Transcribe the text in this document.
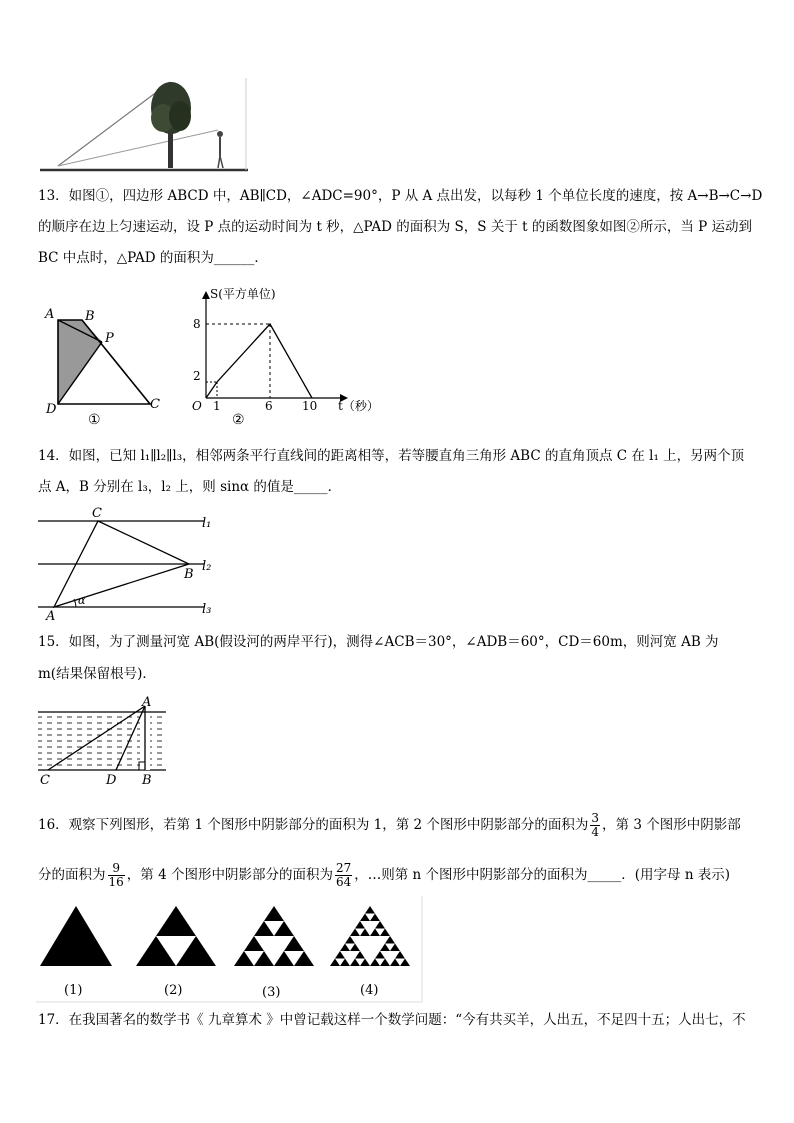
13．如图①，四边形 ABCD 中，AB∥CD，∠ADC=90°，P 从 A 点出发，以每秒 1 个单位长度的速度，按 A→B→C→D
的顺序在边上匀速运动，设 P 点的运动时间为 t 秒，△PAD 的面积为 S，S 关于 t 的函数图象如图②所示，当 P 运动到
BC 中点时，△PAD 的面积为______．
A B
P
C
D
①
S(平方单位)
t（秒）
O
8
2
1	6 10
②
14．如图，已知 l₁∥l₂∥l₃，相邻两条平行直线间的距离相等，若等腰直角三角形 ABC 的直角顶点 C 在 l₁ 上，另两个顶
点 A，B 分别在 l₃，l₂ 上，则 sinα 的值是_____．
C
B
A
α
l₁
l₂
l₃
15．如图，为了测量河宽 AB(假设河的两岸平行)，测得∠ACB＝30°，∠ADB＝60°，CD＝60m，则河宽 AB 为
m(结果保留根号)．
A
C	D B
16．观察下列图形，若第 1 个图形中阴影部分的面积为 1，第 2 个图形中阴影部分的面积为 $\frac{3}{4}$ ，第 3 个图形中阴影部
分的面积为 $\frac{9}{16}$ ，第 4 个图形中阴影部分的面积为 $\frac{27}{64}$ ，…则第 n 个图形中阴影部分的面积为_____．(用字母 n 表示)
(1)	(2)	(3)	(4)
17．在我国著名的数学书《 九章算术 》中曾记载这样一个数学问题：“今有共买羊，人出五，不足四十五；人出七，不
